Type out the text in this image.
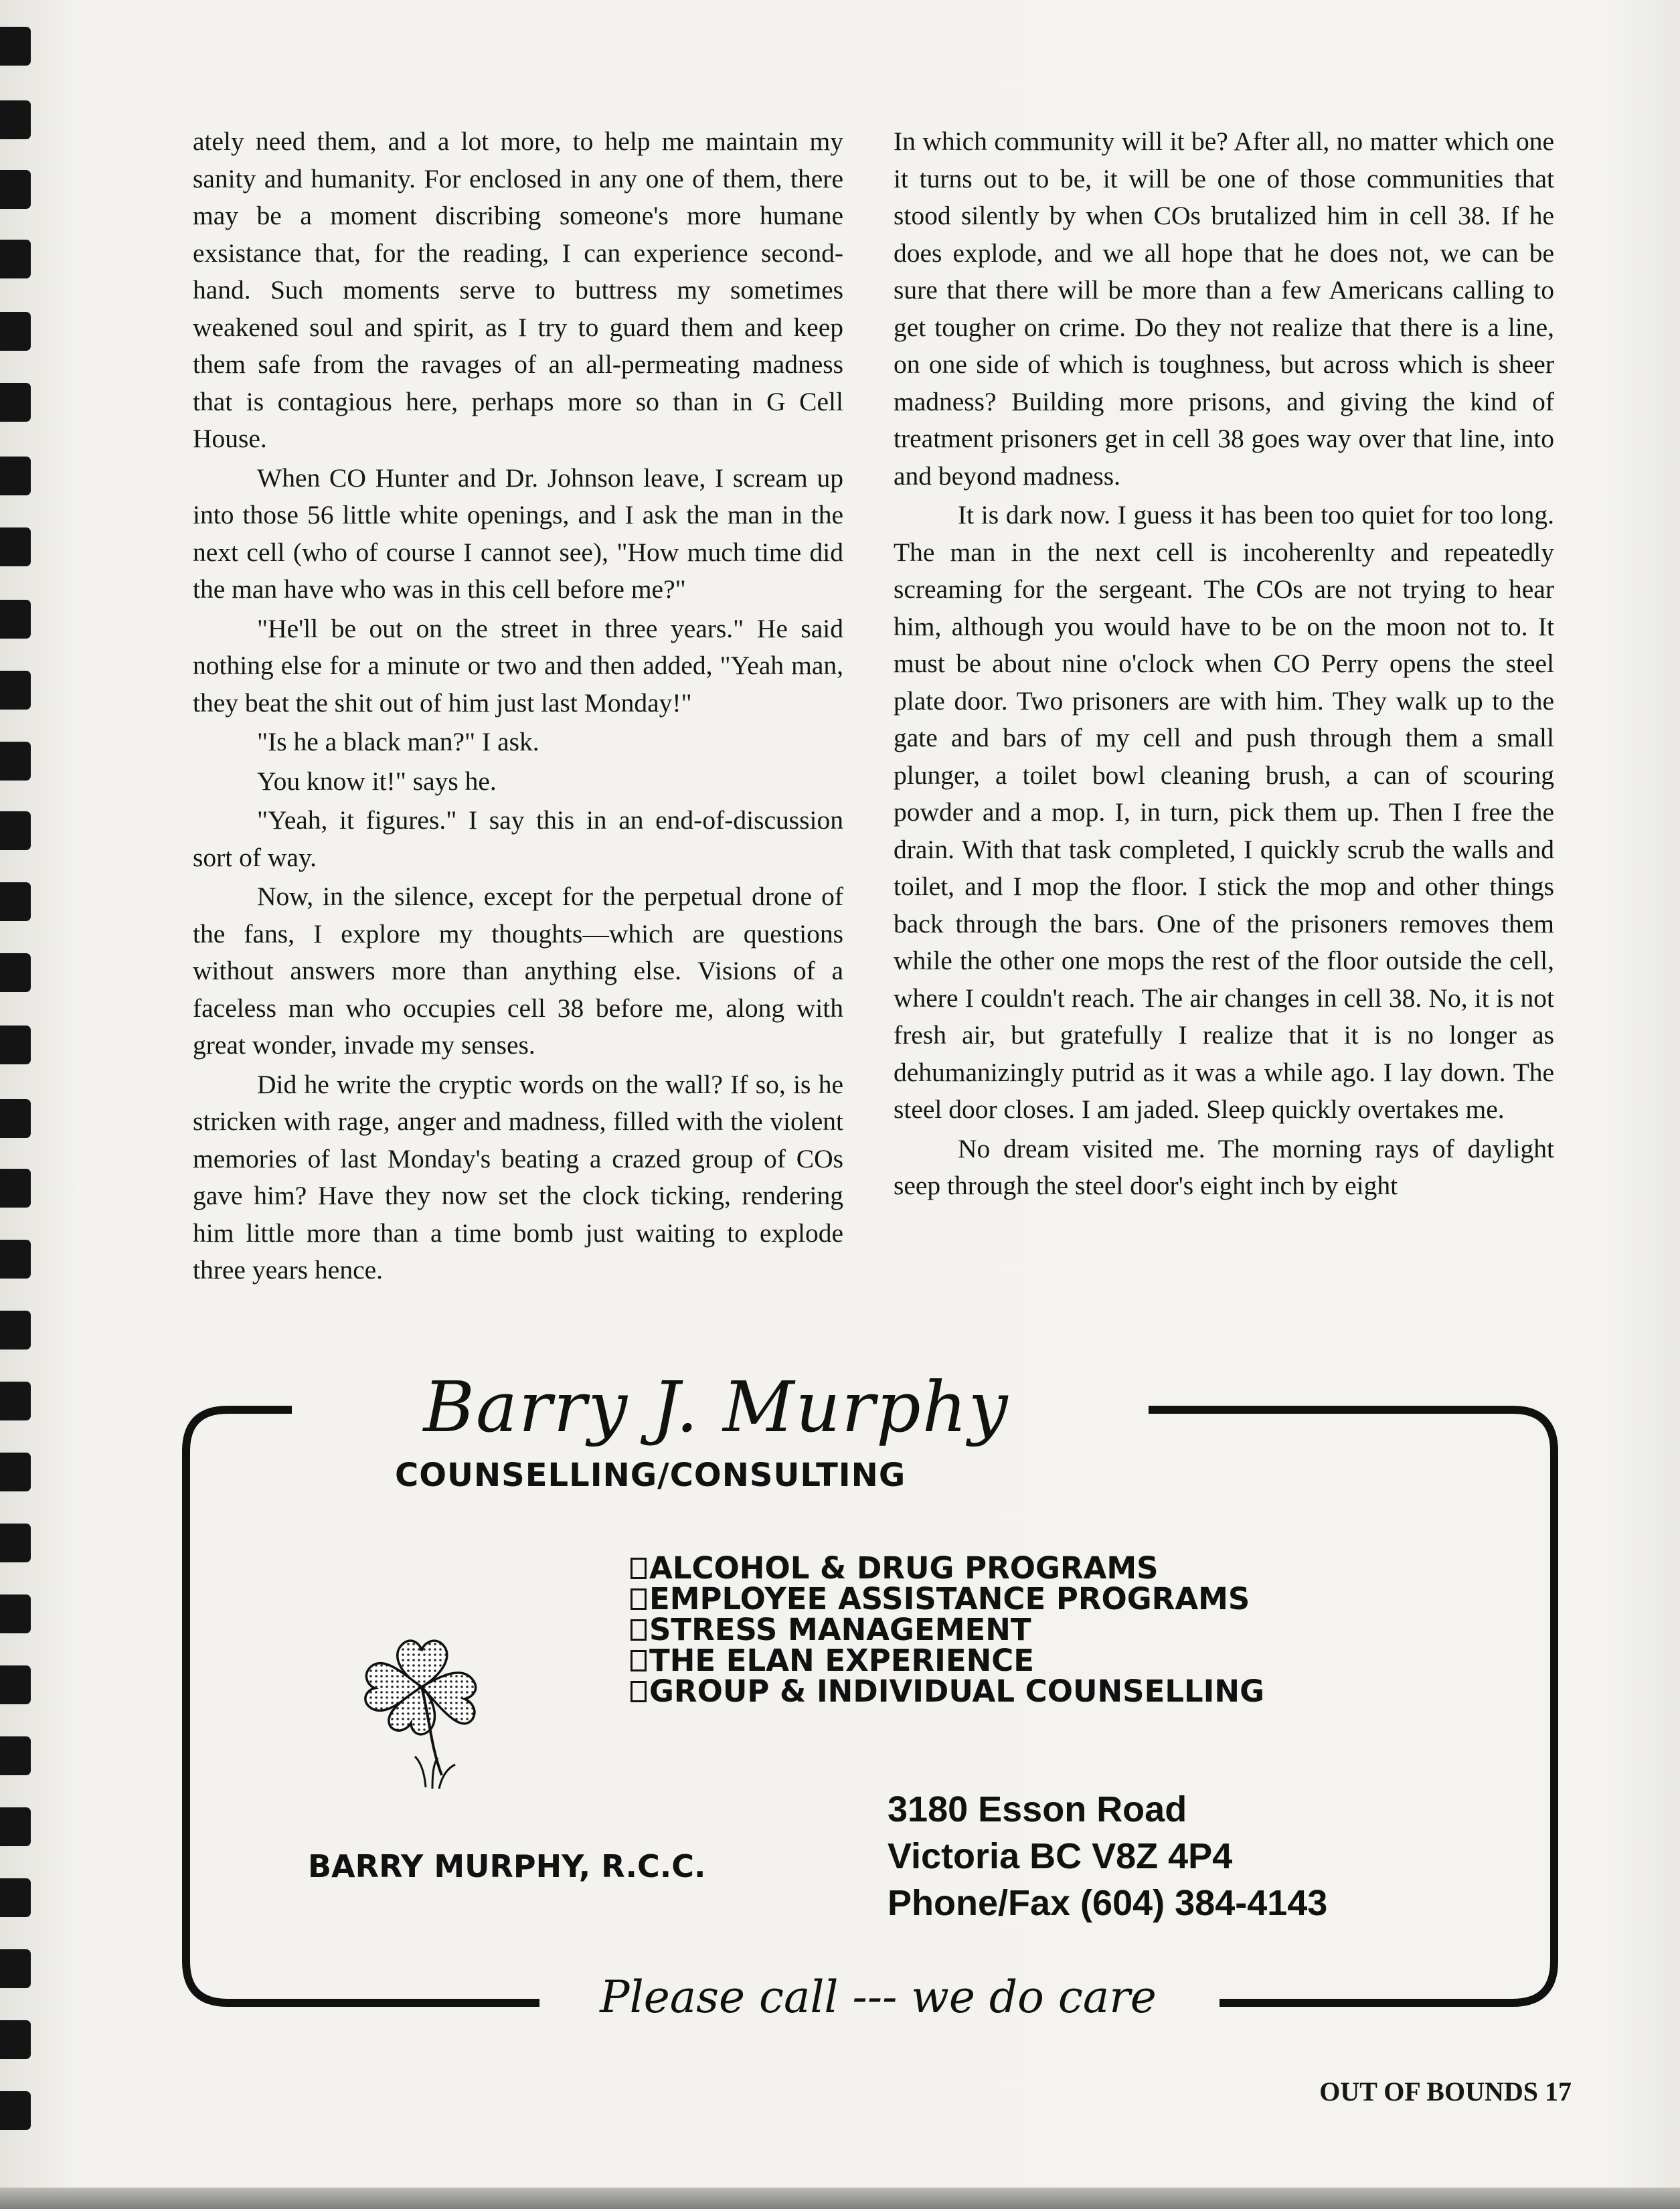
ately need them, and a lot more, to help me maintain my sanity and humanity. For enclosed in any one of them, there may be a moment discribing someone's more humane exsistance that, for the reading, I can experience second-hand. Such moments serve to buttress my sometimes weakened soul and spirit, as I try to guard them and keep them safe from the ravages of an all-permeating madness that is contagious here, perhaps more so than in G Cell House.

When CO Hunter and Dr. Johnson leave, I scream up into those 56 little white openings, and I ask the man in the next cell (who of course I cannot see), "How much time did the man have who was in this cell before me?"

"He'll be out on the street in three years." He said nothing else for a minute or two and then added, "Yeah man, they beat the shit out of him just last Monday!"

"Is he a black man?" I ask.

You know it!" says he.

"Yeah, it figures." I say this in an end-of-discussion sort of way.

Now, in the silence, except for the perpetual drone of the fans, I explore my thoughts—which are questions without answers more than anything else. Visions of a faceless man who occupies cell 38 before me, along with great wonder, invade my senses.

Did he write the cryptic words on the wall? If so, is he stricken with rage, anger and madness, filled with the violent memories of last Monday's beating a crazed group of COs gave him? Have they now set the clock ticking, rendering him little more than a time bomb just waiting to explode three years hence.

In which community will it be? After all, no matter which one it turns out to be, it will be one of those communities that stood silently by when COs brutalized him in cell 38. If he does explode, and we all hope that he does not, we can be sure that there will be more than a few Americans calling to get tougher on crime. Do they not realize that there is a line, on one side of which is toughness, but across which is sheer madness? Building more prisons, and giving the kind of treatment prisoners get in cell 38 goes way over that line, into and beyond madness.

It is dark now. I guess it has been too quiet for too long. The man in the next cell is incoherenlty and repeatedly screaming for the sergeant. The COs are not trying to hear him, although you would have to be on the moon not to. It must be about nine o'clock when CO Perry opens the steel plate door. Two prisoners are with him. They walk up to the gate and bars of my cell and push through them a small plunger, a toilet bowl cleaning brush, a can of scouring powder and a mop. I, in turn, pick them up. Then I free the drain. With that task completed, I quickly scrub the walls and toilet, and I mop the floor. I stick the mop and other things back through the bars. One of the prisoners removes them while the other one mops the rest of the floor outside the cell, where I couldn't reach. The air changes in cell 38. No, it is not fresh air, but gratefully I realize that it is no longer as dehumanizingly putrid as it was a while ago. I lay down. The steel door closes. I am jaded. Sleep quickly overtakes me.

No dream visited me. The morning rays of daylight seep through the steel door's eight inch by eight

Barry J. Murphy
COUNSELLING/CONSULTING
ALCOHOL & DRUG PROGRAMS
EMPLOYEE ASSISTANCE PROGRAMS
STRESS MANAGEMENT
THE ELAN EXPERIENCE
GROUP & INDIVIDUAL COUNSELLING
3180 Esson Road
Victoria BC V8Z 4P4
Phone/Fax (604) 384-4143
BARRY MURPHY, R.C.C.
Please call --- we do care
OUT OF BOUNDS 17
